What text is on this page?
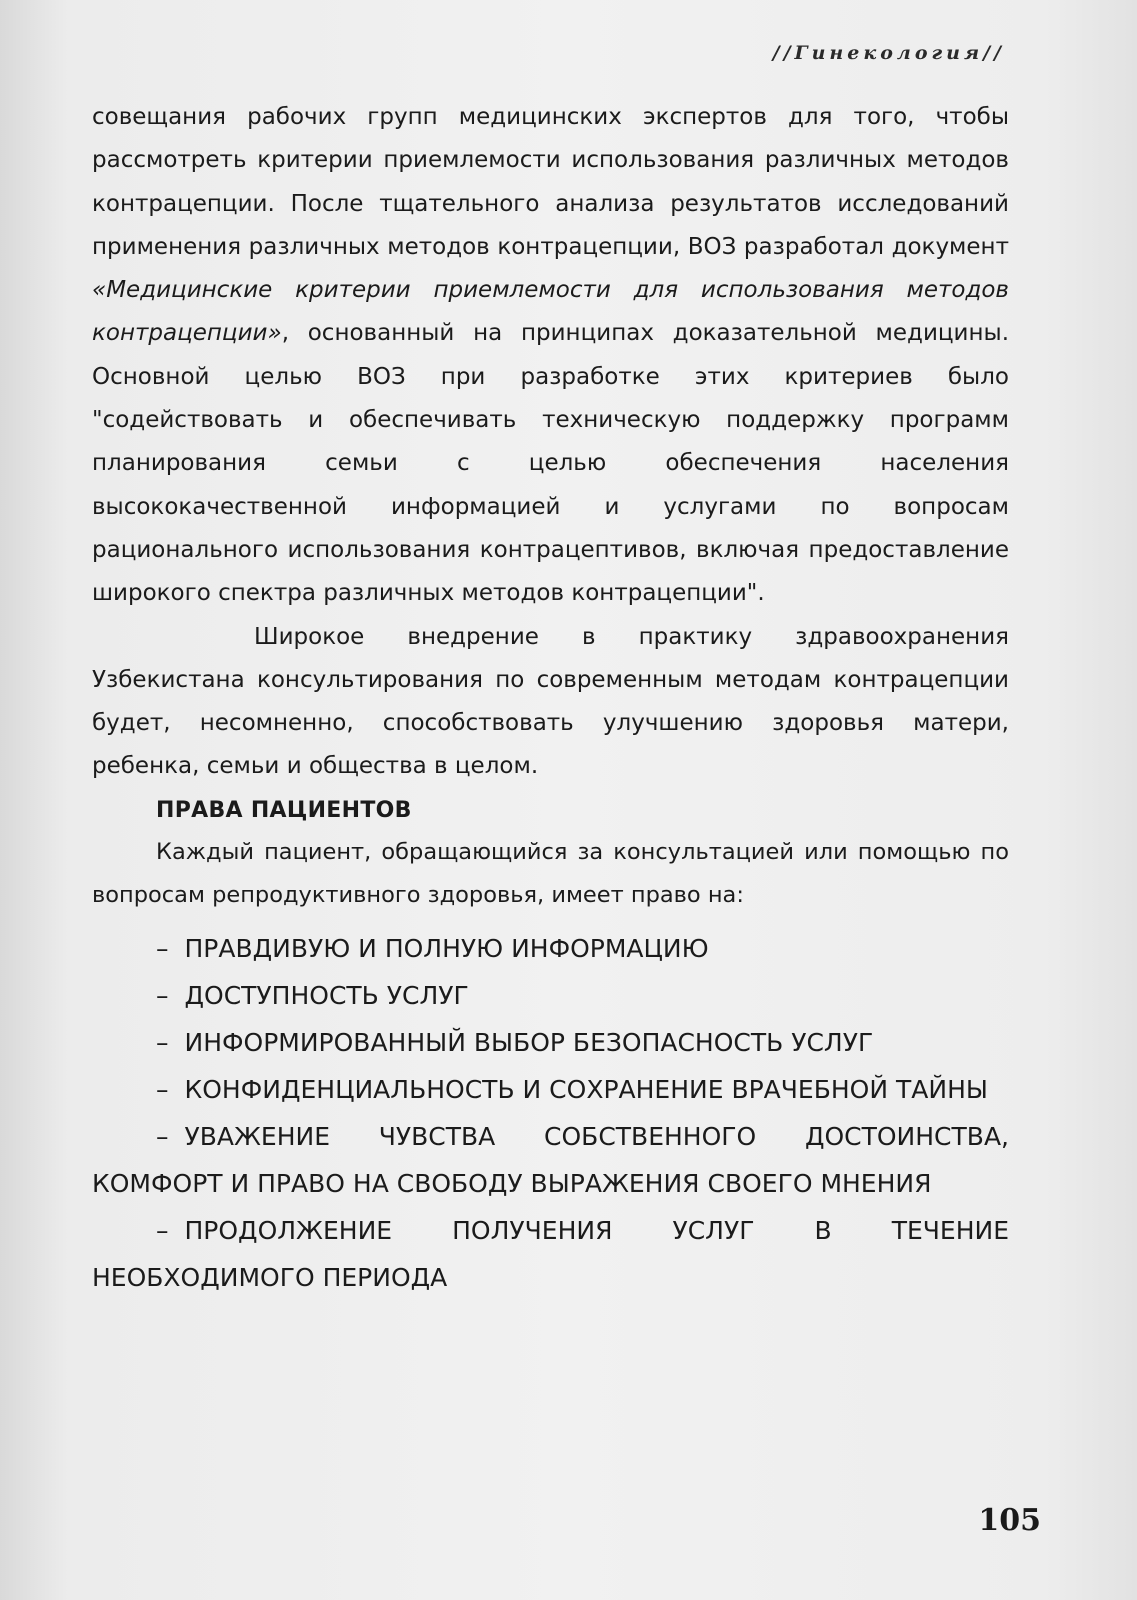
//Гинекология//

совещания рабочих групп медицинских экспертов для того, чтобы рассмотреть критерии приемлемости использования различных методов контрацепции. После тщательного анализа результатов исследований применения различных методов контрацепции, ВОЗ разработал документ «Медицинские критерии приемлемости для использования методов контрацепции», основанный на принципах доказательной медицины. Основной целью ВОЗ при разработке этих критериев было "содействовать и обеспечивать техническую поддержку программ планирования семьи с целью обеспечения населения высококачественной информацией и услугами по вопросам рационального использования контрацептивов, включая предоставление широкого спектра различных методов контрацепции".

Широкое внедрение в практику здравоохранения Узбекистана консультирования по современным методам контрацепции будет, несомненно, способствовать улучшению здоровья матери, ребенка, семьи и общества в целом.

ПРАВА ПАЦИЕНТОВ

Каждый пациент, обращающийся за консультацией или помощью по вопросам репродуктивного здоровья, имеет право на:

– ПРАВДИВУЮ И ПОЛНУЮ ИНФОРМАЦИЮ
– ДОСТУПНОСТЬ УСЛУГ
– ИНФОРМИРОВАННЫЙ ВЫБОР БЕЗОПАСНОСТЬ УСЛУГ
– КОНФИДЕНЦИАЛЬНОСТЬ И СОХРАНЕНИЕ ВРАЧЕБНОЙ ТАЙНЫ
– УВАЖЕНИЕ ЧУВСТВА СОБСТВЕННОГО ДОСТОИНСТВА, КОМФОРТ И ПРАВО НА СВОБОДУ ВЫРАЖЕНИЯ СВОЕГО МНЕНИЯ
– ПРОДОЛЖЕНИЕ ПОЛУЧЕНИЯ УСЛУГ В ТЕЧЕНИЕ НЕОБХОДИМОГО ПЕРИОДА
105
